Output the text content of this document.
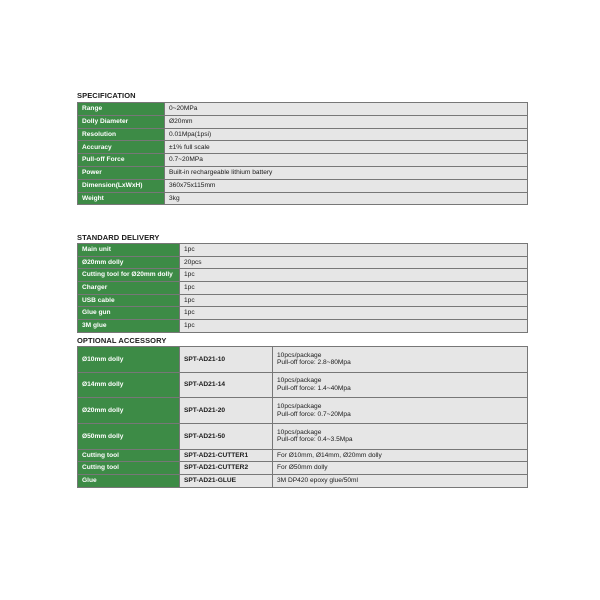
SPECIFICATION
Range	0~20MPa
Dolly Diameter	Ø20mm
Resolution	0.01Mpa(1psi)
Accuracy	±1% full scale
Pull-off Force	0.7~20MPa
Power	Built-in rechargeable lithium battery
Dimension(LxWxH)	360x75x115mm
Weight	3kg
STANDARD DELIVERY
Main unit	1pc
Ø20mm dolly	20pcs
Cutting tool for Ø20mm dolly	1pc
Charger	1pc
USB cable	1pc
Glue gun	1pc
3M glue	1pc
OPTIONAL ACCESSORY
Ø10mm dolly	SPT-AD21-10	10pcs/package
Pull-off force: 2.8~80Mpa

Ø14mm dolly	SPT-AD21-14	10pcs/package
Pull-off force: 1.4~40Mpa

Ø20mm dolly	SPT-AD21-20	10pcs/package
Pull-off force: 0.7~20Mpa

Ø50mm dolly	SPT-AD21-50	10pcs/package
Pull-off force: 0.4~3.5Mpa

Cutting tool	SPT-AD21-CUTTER1	For Ø10mm, Ø14mm, Ø20mm dolly
Cutting tool	SPT-AD21-CUTTER2	For Ø50mm dolly
Glue	SPT-AD21-GLUE	3M DP420 epoxy glue/50ml
